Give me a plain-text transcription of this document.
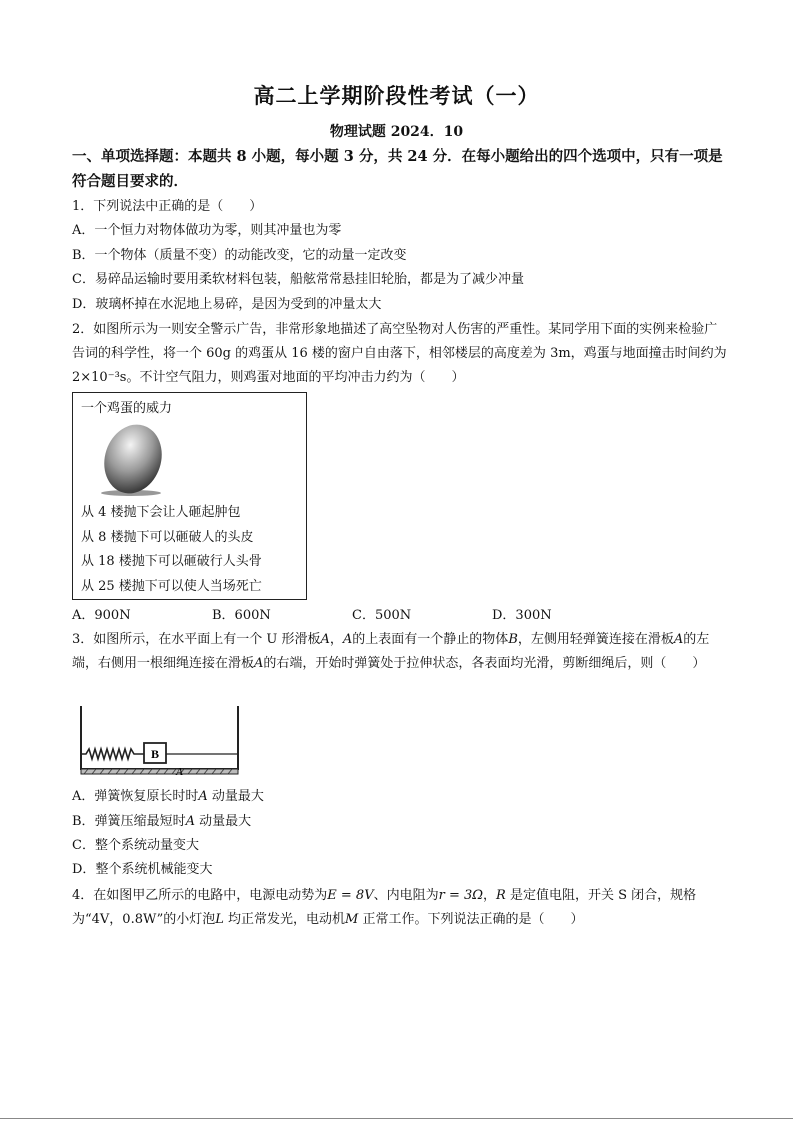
高二上学期阶段性考试（一）
物理试题 2024．10
一、单项选择题：本题共 8 小题，每小题 3 分，共 24 分．在每小题给出的四个选项中，只有一项是符合题目要求的．
1．下列说法中正确的是（　　）
A．一个恒力对物体做功为零，则其冲量也为零
B．一个物体（质量不变）的动能改变，它的动量一定改变
C．易碎品运输时要用柔软材料包装，船舷常常悬挂旧轮胎，都是为了减少冲量
D．玻璃杯掉在水泥地上易碎，是因为受到的冲量太大
2．如图所示为一则安全警示广告，非常形象地描述了高空坠物对人伤害的严重性。某同学用下面的实例来检验广告词的科学性，将一个 60g 的鸡蛋从 16 楼的窗户自由落下，相邻楼层的高度差为 3m，鸡蛋与地面撞击时间约为2×10⁻³s。不计空气阻力，则鸡蛋对地面的平均冲击力约为（　　）
一个鸡蛋的威力
从 4 楼抛下会让人砸起肿包
从 8 楼抛下可以砸破人的头皮
从 18 楼抛下可以砸破行人头骨
从 25 楼抛下可以使人当场死亡
A．900N	B．600N	C．500N	D．300N
3．如图所示，在水平面上有一个 U 形滑板A，A的上表面有一个静止的物体B，左侧用轻弹簧连接在滑板A的左端，右侧用一根细绳连接在滑板A的右端，开始时弹簧处于拉伸状态，各表面均光滑，剪断细绳后，则（　　）
B
A
A．弹簧恢复原长时时A 动量最大
B．弹簧压缩最短时A 动量最大
C．整个系统动量变大
D．整个系统机械能变大
4．在如图甲乙所示的电路中，电源电动势为E = 8V、内电阻为r = 3Ω，R 是定值电阻，开关 S 闭合，规格为“4V，0.8W”的小灯泡L 均正常发光，电动机M 正常工作。下列说法正确的是（　　）
